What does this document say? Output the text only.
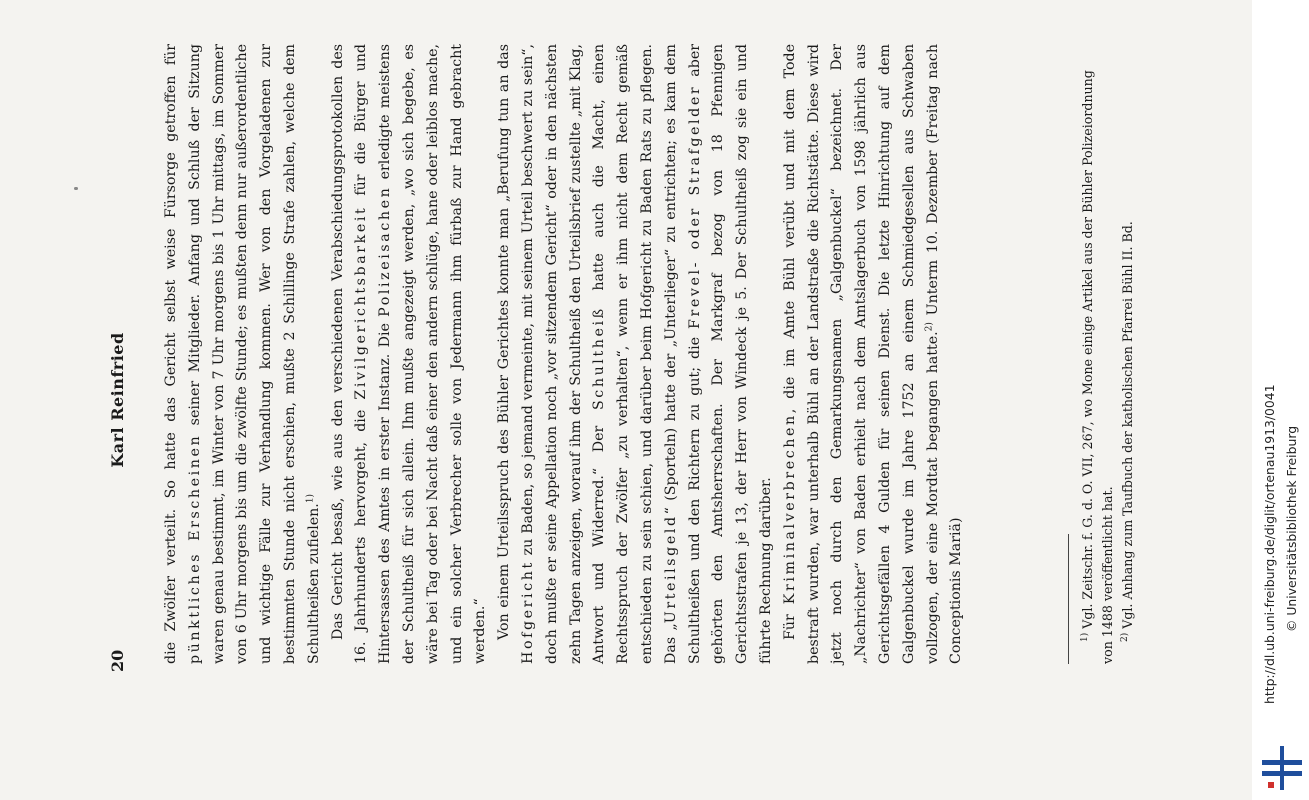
20
Karl Reinfried	die Zwölfer verteilt. So hatte das Gericht selbst weise Fürsorge getroffen für pünktliches Erscheinen seiner Mitglieder. Anfang und Schluß der Sitzung waren genau bestimmt, im Winter von 7 Uhr morgens bis 1 Uhr mittags, im Sommer von 6 Uhr morgens bis um die zwölfte Stunde; es mußten denn nur außerordentliche und wichtige Fälle zur Verhandlung kommen. Wer von den Vorgeladenen zur bestimmten Stunde nicht erschien, mußte 2 Schillinge Strafe zahlen, welche dem Schultheißen zufielen.$^{1)}$	Das Gericht besaß, wie aus den verschiedenen Verabschiedungsprotokollen des 16. Jahrhunderts hervorgeht, die Zivilgerichtsbarkeit für die Bürger und Hintersassen des Amtes in erster Instanz. Die Polizeisachen erledigte meistens der Schultheiß für sich allein. Ihm mußte angezeigt werden, „wo sich begebe, es wäre bei Tag oder bei Nacht daß einer den andern schlüge, hane oder leiblos mache, und ein solcher Verbrecher solle von Jedermann ihm fürbaß zur Hand gebracht werden.“ Von einem Urteilsspruch des Bühler Gerichtes konnte man „Berufung tun an das Hofgericht zu Baden, so jemand vermeinte, mit seinem Urteil beschwert zu sein“, doch mußte er seine Appellation noch „vor sitzendem Gericht“ oder in den nächsten zehn Tagen anzeigen, worauf ihm der Schultheiß den Urteilsbrief zustellte „mit Klag, Antwort und Widerred.“ Der Schultheiß hatte auch die Macht, einen Rechtsspruch der Zwölfer „zu verhalten“, wenn er ihm nicht dem Recht gemäß entschieden zu sein schien, und darüber beim Hofgericht zu Baden Rats zu pflegen. Das „Urteilsgeld“ (Sporteln) hatte der „Unterlieger“ zu entrichten; es kam dem Schultheißen und den Richtern zu gut; die Frevel- oder Strafgelder aber gehörten den Amtsherrschaften. Der Markgraf bezog von 18 Pfennigen Gerichtsstrafen je 13, der Herr von Windeck je 5. Der Schultheiß zog sie ein und führte Rechnung darüber. Für Kriminalverbrechen, die im Amte Bühl verübt und mit dem Tode bestraft wurden, war unterhalb Bühl an der Landstraße die Richtstätte. Diese wird jetzt noch durch den Gemarkungsnamen „Galgenbuckel“ bezeichnet. Der „Nachrichter“ von Baden erhielt nach dem Amtslagerbuch von 1598 jährlich aus Gerichtsgefällen 4 Gulden für seinen Dienst. Die letzte Hinrichtung auf dem Galgenbuckel wurde im Jahre 1752 an einem Schmiedgesellen aus Schwaben vollzogen, der eine Mordtat begangen hatte.$^{2)}$ Unterm 10. Dezember (Freitag nach Conceptionis Mariä)	$^{1)}$ Vgl. Zeitschr. f. G. d. O. VII, 267, wo Mone einige Artikel aus der Bühler Polizeiordnung von 1488 veröffentlicht hat. $^{2)}$ Vgl. Anhang zum Taufbuch der katholischen Pfarrei Bühl II. Bd.	http://dl.ub.uni-freiburg.de/diglit/ortenau1913/0041 © Universitätsbibliothek Freiburg
